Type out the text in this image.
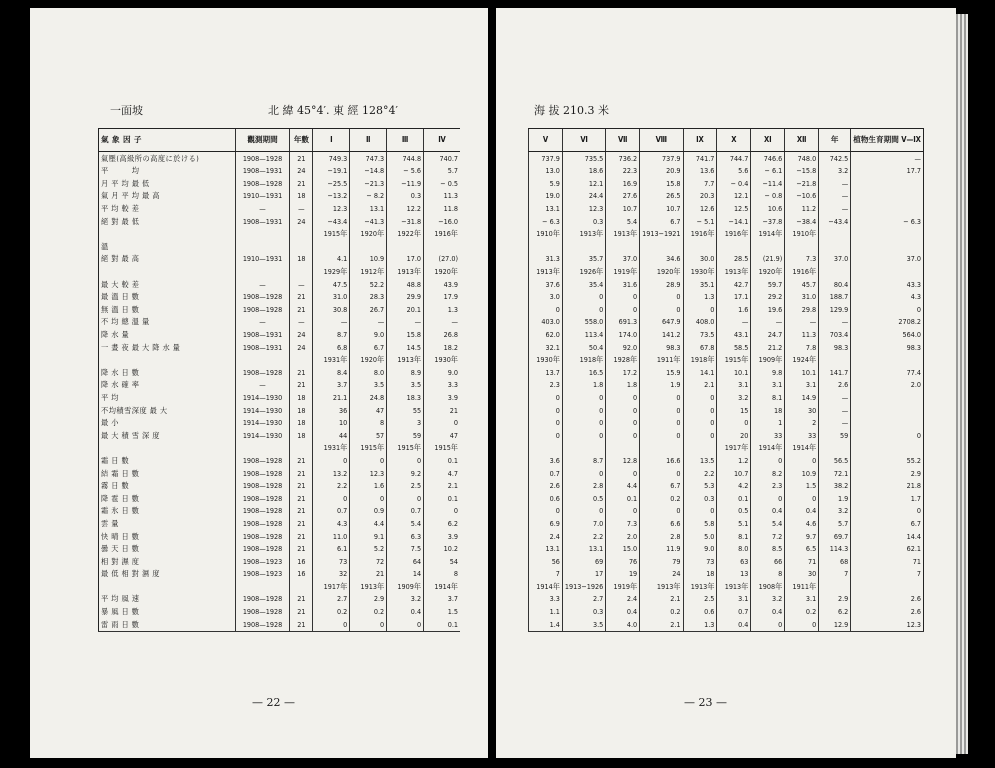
一面坡	北 緯 45°4′. 東 經 128°4′
氣 象 因 子	觀測期間	年數	Ⅰ	Ⅱ	Ⅲ	Ⅳ
氣壓(高級所の高度に於ける)	1908—1928	21	749.3	747.3	744.8	740.7
平　　　均	1908—1931	24	−19.1	−14.8	− 5.6	5.7
月 平 均 最 低	1908—1928	21	−25.5	−21.3	−11.9	− 0.5
氣 月 平 均 最 高	1910—1931	18	−13.2	− 8.2	0.3	11.3
平 均 較 差	—	—	12.3	13.1	12.2	11.8
絕 對 最 低	1908—1931	24	−43.4	−41.3	−31.8	−16.0
			1915年	1920年	1922年	1916年
溫						
絕 對 最 高	1910—1931	18	4.1	10.9	17.0	(27.0)
			1929年	1912年	1913年	1920年
最 大 較 差	—	—	47.5	52.2	48.8	43.9
最 溫 日 數	1908—1928	21	31.0	28.3	29.9	17.9
無 溫 日 數	1908—1928	21	30.8	26.7	20.1	1.3
不 均 總 溫 量	—	—	—	—	—	—
降 水 量	1908—1931	24	8.7	9.0	15.8	26.8
一 晝 夜 最 大 降 水 量	1908—1931	24	6.8	6.7	14.5	18.2
			1931年	1920年	1913年	1930年
降 水 日 數	1908—1928	21	8.4	8.0	8.9	9.0
降 水 確 率	—	21	3.7	3.5	3.5	3.3
平 均	1914—1930	18	21.1	24.8	18.3	3.9
不均積雪深度 最 大	1914—1930	18	36	47	55	21
最 小	1914—1930	18	10	8	3	0
最 大 積 雪 深 度	1914—1930	18	44	57	59	47
			1931年	1915年	1915年	1915年
霜 日 數	1908—1928	21	0	0	0	0.1
結 霜 日 數	1908—1928	21	13.2	12.3	9.2	4.7
霧 日 數	1908—1928	21	2.2	1.6	2.5	2.1
降 雹 日 數	1908—1928	21	0	0	0	0.1
霜 氷 日 數	1908—1928	21	0.7	0.9	0.7	0
雲 量	1908—1928	21	4.3	4.4	5.4	6.2
快 晴 日 數	1908—1928	21	11.0	9.1	6.3	3.9
曇 天 日 數	1908—1928	21	6.1	5.2	7.5	10.2
相 對 濕 度	1908—1923	16	73	72	64	54
最 低 相 對 濕 度	1908—1923	16	32	21	14	8
			1917年	1913年	1909年	1914年
平 均 風 速	1908—1928	21	2.7	2.9	3.2	3.7
暴 風 日 數	1908—1928	21	0.2	0.2	0.4	1.5
雷 雨 日 數	1908—1928	21	0	0	0	0.1
— 22 —
海 拔 210.3 米
Ⅴ	Ⅵ	Ⅶ	Ⅷ	Ⅸ	Ⅹ	Ⅺ	Ⅻ	年	植物生育期間 Ⅴ—Ⅸ
737.9	735.5	736.2	737.9	741.7	744.7	746.6	748.0	742.5	—
13.0	18.6	22.3	20.9	13.6	5.6	− 6.1	−15.8	3.2	17.7
5.9	12.1	16.9	15.8	7.7	− 0.4	−11.4	−21.8	—	
19.0	24.4	27.6	26.5	20.3	12.1	− 0.8	−10.6	—	
13.1	12.3	10.7	10.7	12.6	12.5	10.6	11.2	—	
− 6.3	0.3	5.4	6.7	− 5.1	−14.1	−37.8	−38.4	−43.4	− 6.3
1910年	1913年	1913年	1913−1921	1916年	1916年	1914年	1910年		

31.3	35.7	37.0	34.6	30.0	28.5	(21.9)	7.3	37.0	37.0
1913年	1926年	1919年	1920年	1930年	1913年	1920年	1916年		
37.6	35.4	31.6	28.9	35.1	42.7	59.7	45.7	80.4	43.3
3.0	0	0	0	1.3	17.1	29.2	31.0	188.7	4.3
0	0	0	0	0	1.6	19.6	29.8	129.9	0
403.0	558.0	691.3	647.9	408.0	—	—	—	—	2708.2
62.0	113.4	174.0	141.2	73.5	43.1	24.7	11.3	703.4	564.0
32.1	50.4	92.0	98.3	67.8	58.5	21.2	7.8	98.3	98.3
1930年	1918年	1928年	1911年	1918年	1915年	1909年	1924年		
13.7	16.5	17.2	15.9	14.1	10.1	9.8	10.1	141.7	77.4
2.3	1.8	1.8	1.9	2.1	3.1	3.1	3.1	2.6	2.0
0	0	0	0	0	3.2	8.1	14.9	—	
0	0	0	0	0	15	18	30	—	
0	0	0	0	0	0	1	2	—	
0	0	0	0	0	20	33	33	59	0
					1917年	1914年	1914年		
3.6	8.7	12.8	16.6	13.5	1.2	0	0	56.5	55.2
0.7	0	0	0	2.2	10.7	8.2	10.9	72.1	2.9
2.6	2.8	4.4	6.7	5.3	4.2	2.3	1.5	38.2	21.8
0.6	0.5	0.1	0.2	0.3	0.1	0	0	1.9	1.7
0	0	0	0	0	0.5	0.4	0.4	3.2	0
6.9	7.0	7.3	6.6	5.8	5.1	5.4	4.6	5.7	6.7
2.4	2.2	2.0	2.8	5.0	8.1	7.2	9.7	69.7	14.4
13.1	13.1	15.0	11.9	9.0	8.0	8.5	6.5	114.3	62.1
56	69	76	79	73	63	66	71	68	71
7	17	19	24	18	13	8	30	7	7
1914年	1913−1926	1919年	1913年	1913年	1913年	1908年	1911年		
3.3	2.7	2.4	2.1	2.5	3.1	3.2	3.1	2.9	2.6
1.1	0.3	0.4	0.2	0.6	0.7	0.4	0.2	6.2	2.6
1.4	3.5	4.0	2.1	1.3	0.4	0	0	12.9	12.3
— 23 —
